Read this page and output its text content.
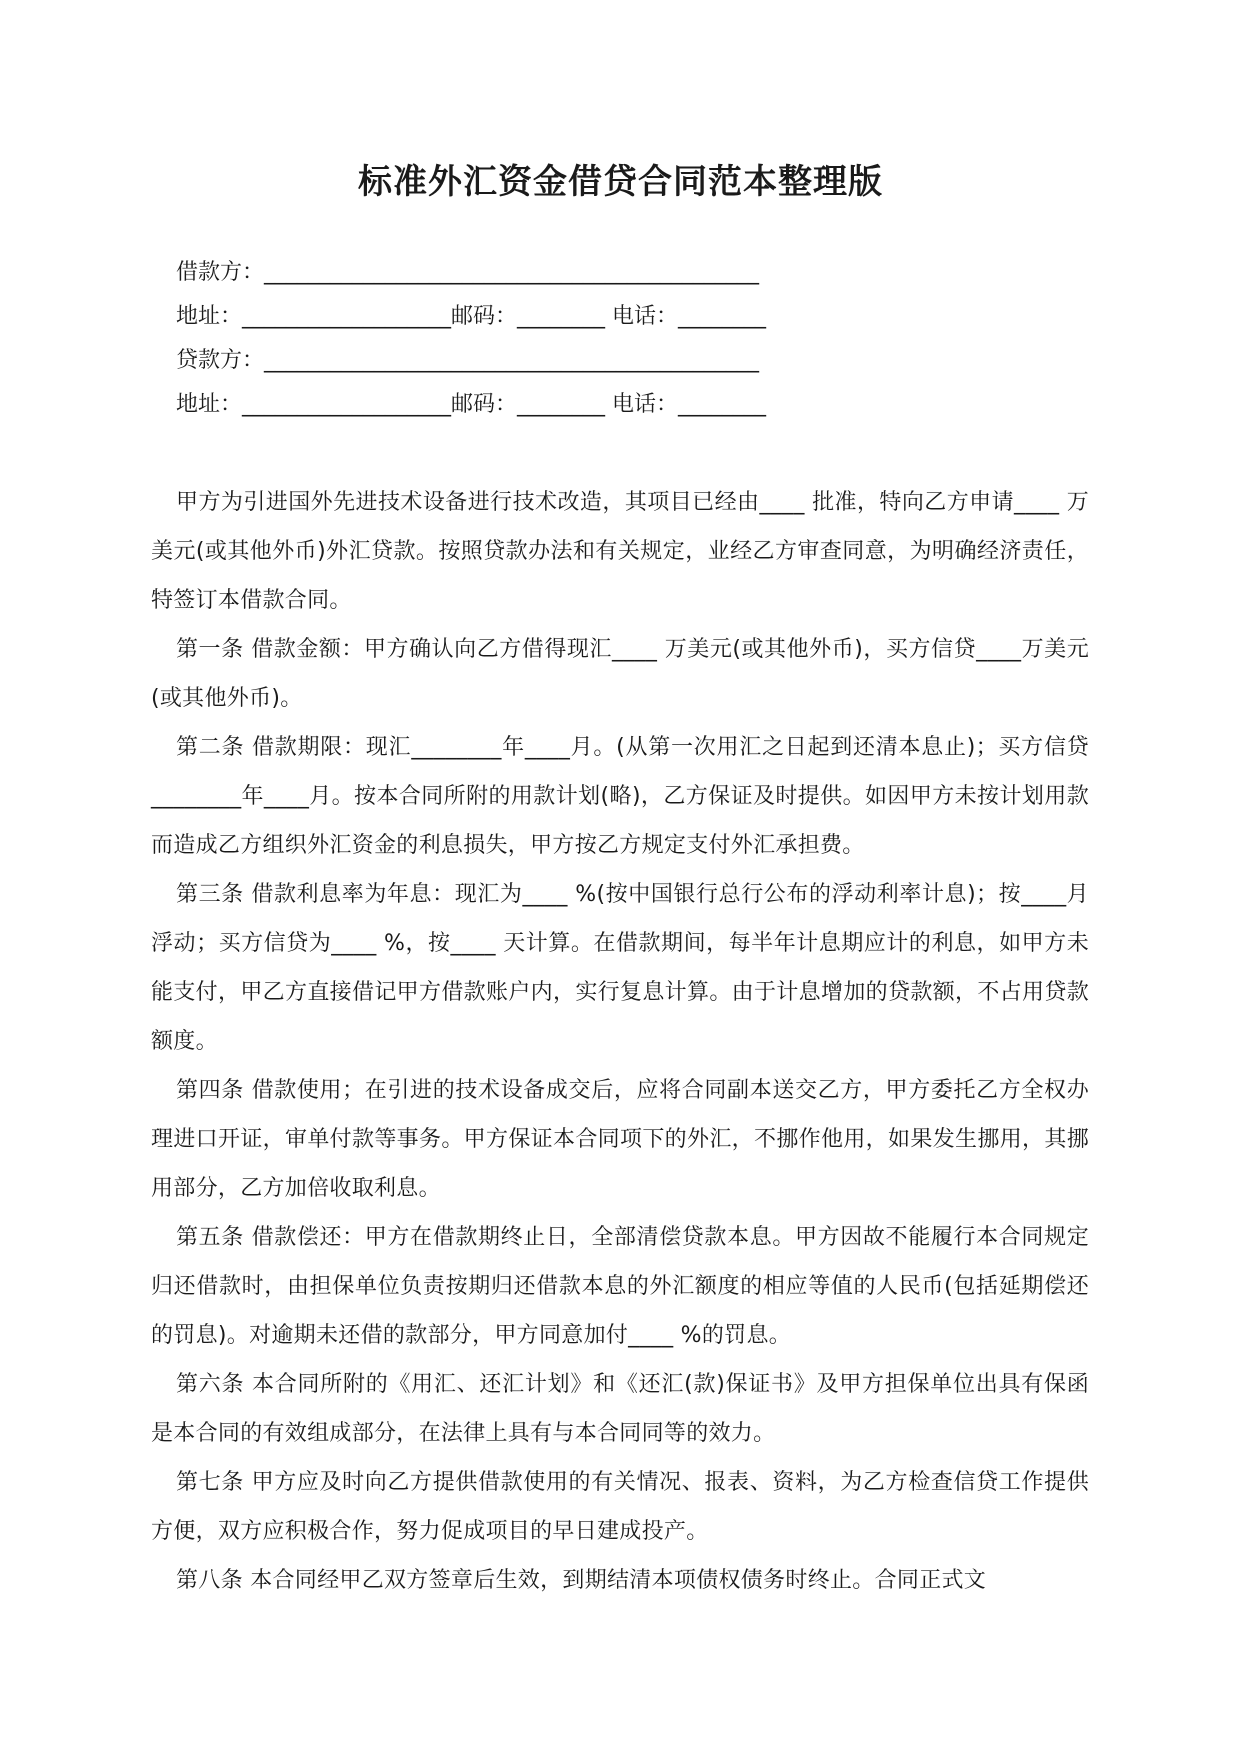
标准外汇资金借贷合同范本整理版

借款方：_____________________________________________

地址：___________________邮码：________ 电话：________

贷款方：_____________________________________________

地址：___________________邮码：________ 电话：________

甲方为引进国外先进技术设备进行技术改造，其项目已经由____ 批准，特向乙方申请____ 万美元(或其他外币)外汇贷款。按照贷款办法和有关规定，业经乙方审查同意，为明确经济责任，特签订本借款合同。

第一条 借款金额：甲方确认向乙方借得现汇____ 万美元(或其他外币)，买方信贷____万美元(或其他外币)。

第二条 借款期限：现汇________年____月。(从第一次用汇之日起到还清本息止)；买方信贷________年____月。按本合同所附的用款计划(略)，乙方保证及时提供。如因甲方未按计划用款而造成乙方组织外汇资金的利息损失，甲方按乙方规定支付外汇承担费。

第三条 借款利息率为年息：现汇为____ %(按中国银行总行公布的浮动利率计息)；按____月浮动；买方信贷为____ %，按____ 天计算。在借款期间，每半年计息期应计的利息，如甲方未能支付，甲乙方直接借记甲方借款账户内，实行复息计算。由于计息增加的贷款额，不占用贷款额度。

第四条 借款使用；在引进的技术设备成交后，应将合同副本送交乙方，甲方委托乙方全权办理进口开证，审单付款等事务。甲方保证本合同项下的外汇，不挪作他用，如果发生挪用，其挪用部分，乙方加倍收取利息。

第五条 借款偿还：甲方在借款期终止日，全部清偿贷款本息。甲方因故不能履行本合同规定归还借款时，由担保单位负责按期归还借款本息的外汇额度的相应等值的人民币(包括延期偿还的罚息)。对逾期未还借的款部分，甲方同意加付____ %的罚息。

第六条 本合同所附的《用汇、还汇计划》和《还汇(款)保证书》及甲方担保单位出具有保函是本合同的有效组成部分，在法律上具有与本合同同等的效力。

第七条 甲方应及时向乙方提供借款使用的有关情况、报表、资料，为乙方检查信贷工作提供方便，双方应积极合作，努力促成项目的早日建成投产。

第八条 本合同经甲乙双方签章后生效，到期结清本项债权债务时终止。合同正式文
